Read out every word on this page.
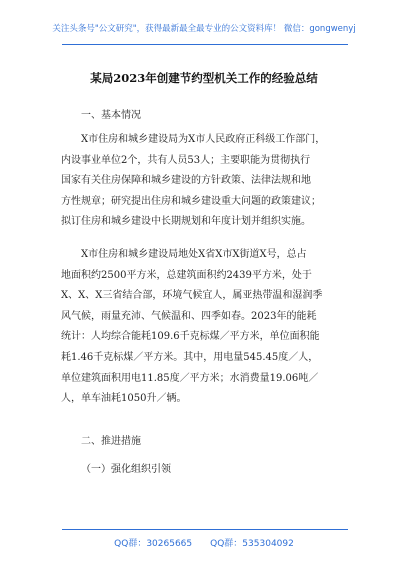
关注头条号"公文研究"，获得最新最全最专业的公文资料库！ 微信：gongwenyj
某局2023年创建节约型机关工作的经验总结
一、基本情况
X市住房和城乡建设局为X市人民政府正科级工作部门，
内设事业单位2个，共有人员53人；主要职能为贯彻执行
国家有关住房保障和城乡建设的方针政策、法律法规和地
方性规章；研究提出住房和城乡建设重大问题的政策建议；
拟订住房和城乡建设中长期规划和年度计划并组织实施。
X市住房和城乡建设局地处X省X市X街道X号，总占
地面积约2500平方米，总建筑面积约2439平方米，处于
X、X、X三省结合部，环境气候宜人，属亚热带温和湿润季
风气候，雨量充沛、气候温和、四季如春。2023年的能耗
统计：人均综合能耗109.6千克标煤／平方米，单位面积能
耗1.46千克标煤／平方米。其中，用电量545.45度／人，
单位建筑面积用电11.85度／平方米；水消费量19.06吨／
人，单车油耗1050升／辆。
二、推进措施
（一）强化组织引领
QQ群：30265665 QQ群：535304092
